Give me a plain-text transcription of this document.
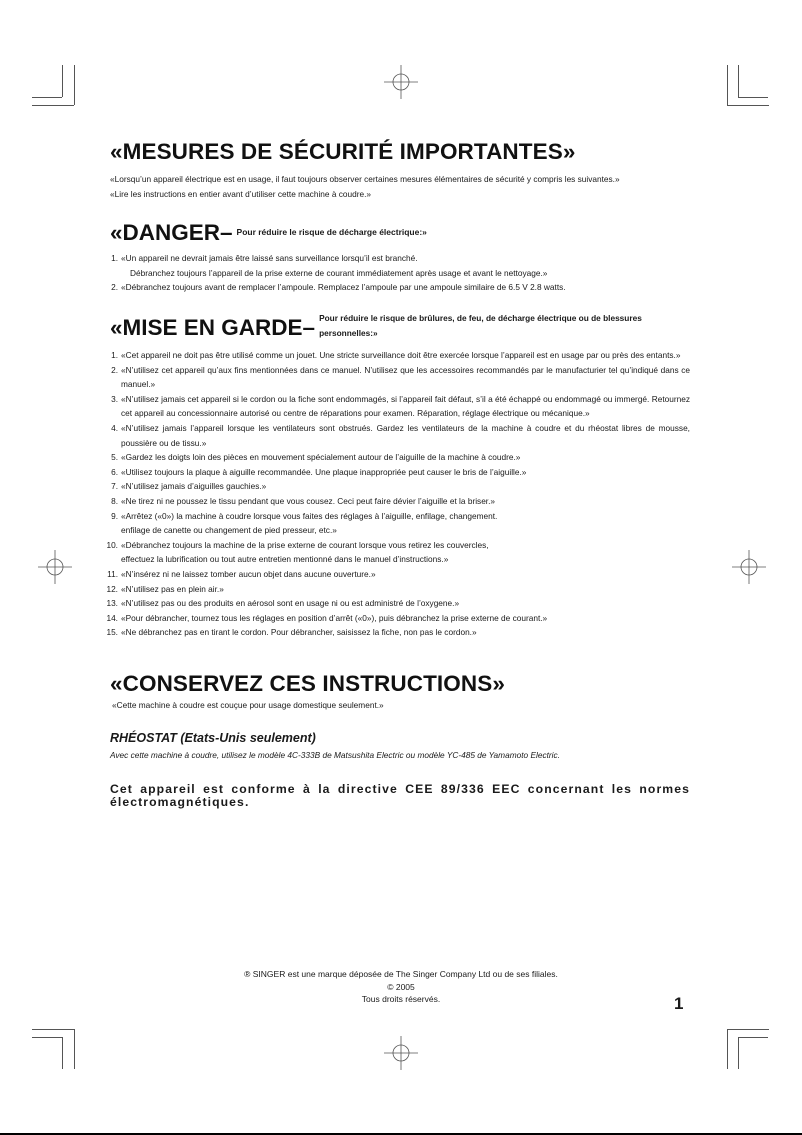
«MESURES DE SÉCURITÉ IMPORTANTES»

«Lorsqu’un appareil électrique est en usage, il faut toujours observer certaines mesures élémentaires de sécurité y compris les suivantes.»

«Lire les instructions en entier avant d’utiliser cette machine à coudre.»

«DANGER– Pour réduire le risque de décharge électrique:»
1. «Un appareil ne devrait jamais être laissé sans surveillance lorsqu’il est branché.
Débranchez toujours l’appareil de la prise externe de courant immédiatement après usage et avant le nettoyage.»
2. «Débranchez toujours avant de remplacer l’ampoule. Remplacez l’ampoule par une ampoule similaire de 6.5 V 2.8 watts.
«MISE EN GARDE– Pour réduire le risque de brûlures, de feu, de décharge électrique ou de blessures personnelles:»
1. «Cet appareil ne doit pas être utilisé comme un jouet. Une stricte surveillance doit être exercée lorsque l’appareil est en usage par ou près des entants.»
2. «N’utilisez cet appareil qu’aux fins mentionnées dans ce manuel. N’utilisez que les accessoires recommandés par le manufacturier tel qu’indiqué dans ce manuel.»
3. «N’utilisez jamais cet appareil si le cordon ou la fiche sont endommagés, si l’appareil fait défaut, s’il a été échappé ou endommagé ou immergé. Retournez cet appareil au concessionnaire autorisé ou centre de réparations pour examen. Réparation, réglage électrique ou mécanique.»
4. «N’utilisez jamais l’appareil lorsque les ventilateurs sont obstrués. Gardez les ventilateurs de la machine à coudre et du rhéostat libres de mousse, poussière ou de tissu.»
5. «Gardez les doigts loin des pièces en mouvement spécialement autour de l’aiguille de la machine à coudre.»
6. «Utilisez toujours la plaque à aiguille recommandée. Une plaque inappropriée peut causer le bris de l’aiguille.»
7. «N’utilisez jamais d’aiguilles gauchies.»
8. «Ne tirez ni ne poussez le tissu pendant que vous cousez. Ceci peut faire dévier l’aiguille et la briser.»
9. «Arrêtez («0») la machine à coudre lorsque vous faites des réglages à l’aiguille, enfilage, changement.
enfilage de canette ou changement de pied presseur, etc.»
10. «Débranchez toujours la machine de la prise externe de courant lorsque vous retirez les couvercles,
effectuez la lubrification ou tout autre entretien mentionné dans le manuel d’instructions.»
11. «N’insérez ni ne laissez tomber aucun objet dans aucune ouverture.»
12. «N’utilisez pas en plein air.»
13. «N’utilisez pas ou des produits en aérosol sont en usage ni ou est administré de l’oxygene.»
14. «Pour débrancher, tournez tous les réglages en position d’arrêt («0»), puis débranchez la prise externe de courant.»
15. «Ne débranchez pas en tirant le cordon. Pour débrancher, saisissez la fiche, non pas le cordon.»
«CONSERVEZ CES INSTRUCTIONS»

«Cette machine à coudre est couçue pour usage domestique seulement.»

RHÉOSTAT (Etats-Unis seulement)

Avec cette machine à coudre, utilisez le modèle 4C-333B de Matsushita Electric ou modèle YC-485 de Yamamoto Electric.

Cet appareil est conforme à la directive CEE 89/336 EEC concernant les normes électromagnétiques.

® SINGER est une marque déposée de The Singer Company Ltd ou de ses filiales.
© 2005
Tous droits réservés.	1
